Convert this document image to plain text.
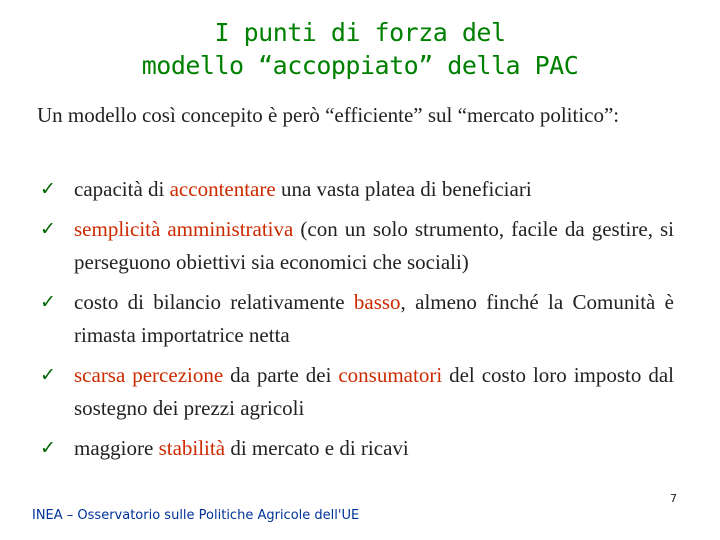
I punti di forza del
modello “accoppiato” della PAC
Un modello così concepito è però “efficiente” sul “mercato politico”:
✓ capacità di accontentare una vasta platea di beneficiari
✓ semplicità amministrativa (con un solo strumento, facile da gestire, si perseguono obiettivi sia economici che sociali)
✓ costo di bilancio relativamente basso, almeno finché la Comunità è rimasta importatrice netta
✓ scarsa percezione da parte dei consumatori del costo loro imposto dal sostegno dei prezzi agricoli
✓ maggiore stabilità di mercato e di ricavi
INEA – Osservatorio sulle Politiche Agricole dell'UE
7
